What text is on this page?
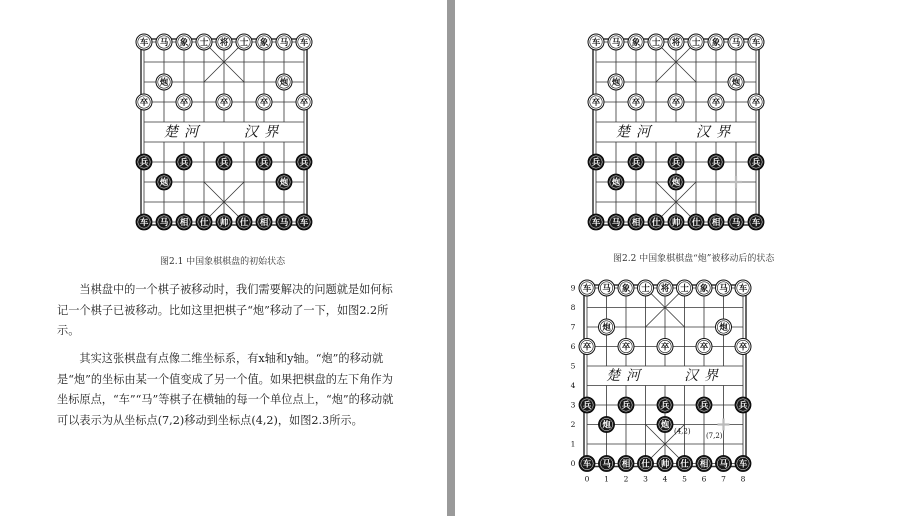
楚河	汉界
车 马 象 士 将 士 象 马 车
炮	炮
卒	卒	卒	卒	卒
车 马 相 仕 帅 仕 相 马 车
炮
兵	兵	兵	兵	兵
炮
图2.1 中国象棋棋盘的初始状态

当棋盘中的一个棋子被移动时，我们需要解决的问题就是如何标记一个棋子已被移动。比如这里把棋子“炮”移动了一下，如图2.2所示。

其实这张棋盘有点像二维坐标系，有x轴和y轴。“炮”的移动就是“炮”的坐标由某一个值变成了另一个值。如果把棋盘的左下角作为坐标原点，“车”“马”等棋子在横轴的每一个单位点上，“炮”的移动就可以表示为从坐标点(7,2)移动到坐标点(4,2)，如图2.3所示。

楚河	汉界
车 马 象 士 将 士 象 马 车
炮	炮
卒	卒	卒	卒	卒
车 马 相 仕 帅 仕 相 马 车
炮
兵	兵	兵	兵	兵
炮
图2.2 中国象棋棋盘“炮”被移动后的状态
楚河	汉界
车 马 象 士 将 士 象 马 车
炮	炮
卒	卒	卒	卒	卒
车 马 相 仕 帅 仕 相 马 车
炮
兵	兵	兵	兵	兵
炮
0 1 2 3 4 5 6 7 8
0
1
2
3
4
5
6
7
8
9
(4,2)
(7,2)
